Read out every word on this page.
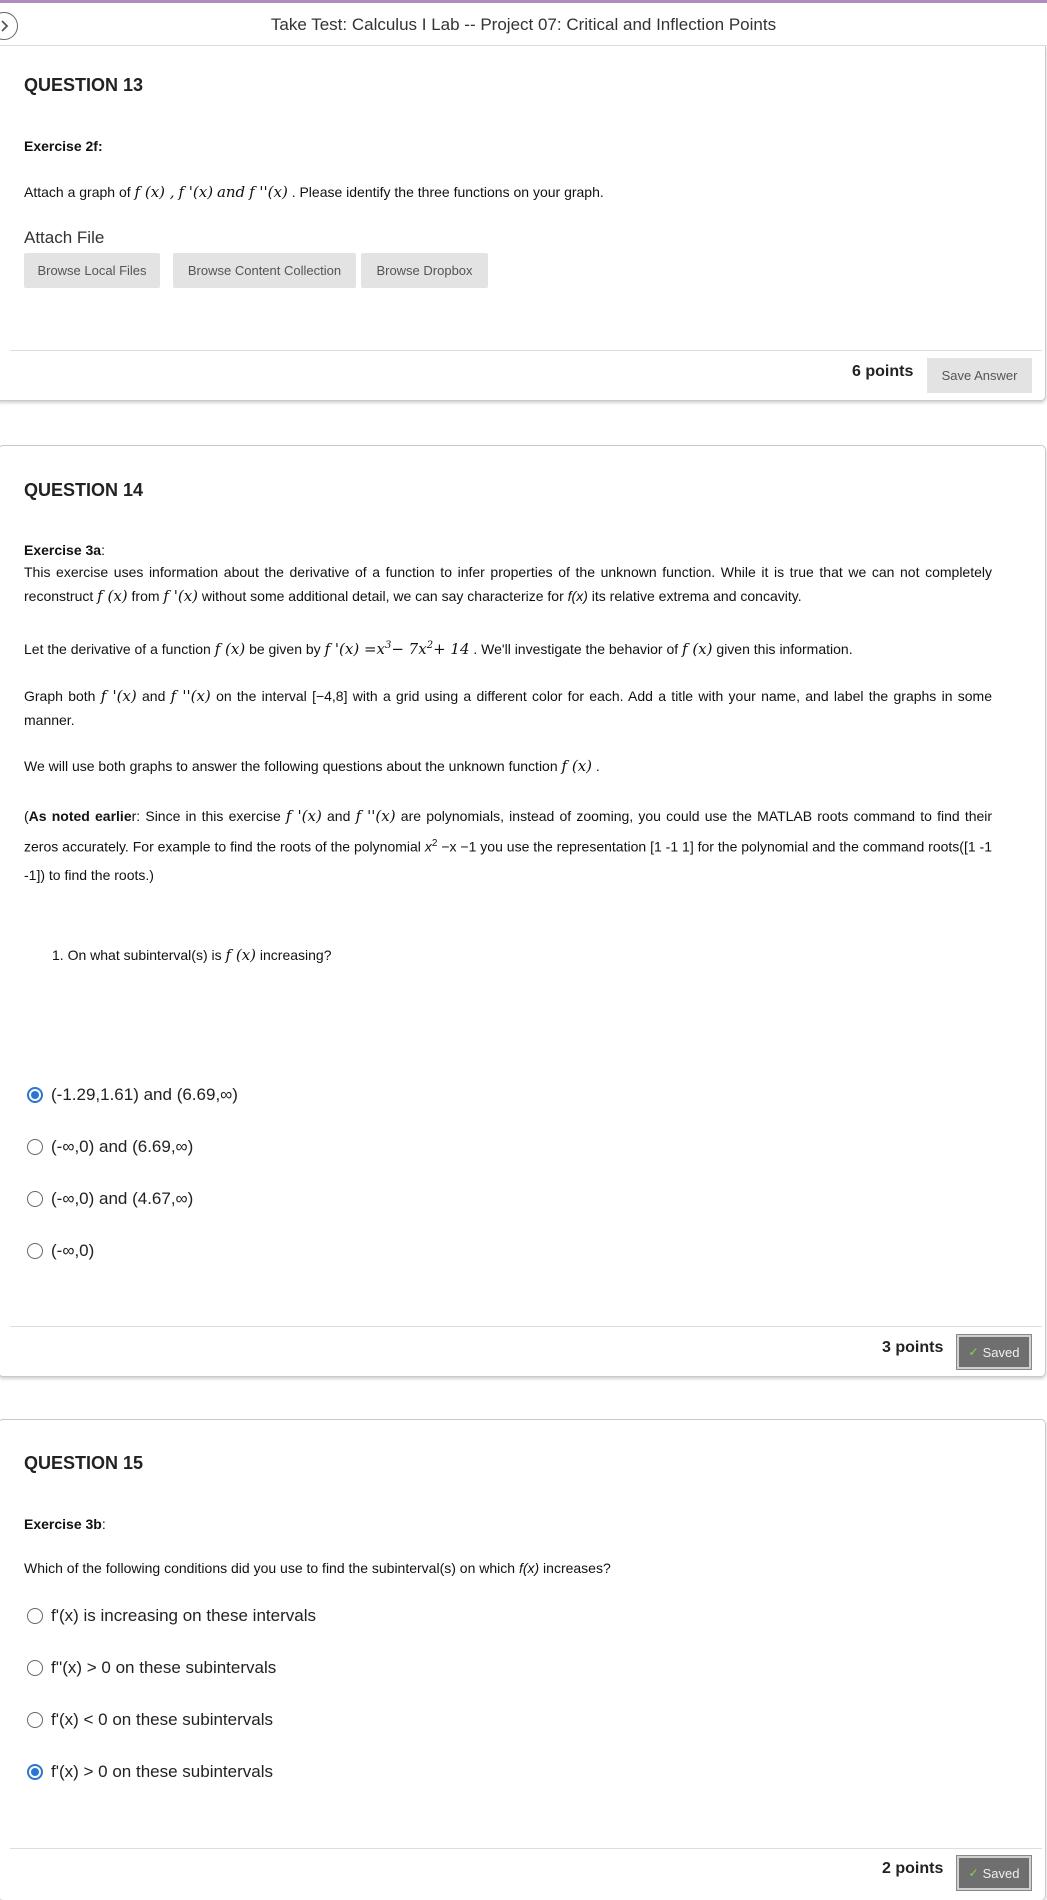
Take Test: Calculus I Lab -- Project 07: Critical and Inflection Points
QUESTION 13
Exercise 2f:
Attach a graph of f (x) , f '(x) and f ''(x) . Please identify the three functions on your graph.
Attach File
Browse Local Files	Browse Content Collection	Browse Dropbox
6 points	Save Answer
QUESTION 14
Exercise 3a:
This exercise uses information about the derivative of a function to infer properties of the unknown function. While it is true that we can not completely reconstruct f (x) from f '(x) without some additional detail, we can say characterize for f(x) its relative extrema and concavity.
Let the derivative of a function f (x) be given by f '$(x) =x^3- 7x^2+ 14$ . We'll investigate the behavior of f (x) given this information.
Graph both f '(x) and f ''(x) on the interval [−4,8] with a grid using a different color for each. Add a title with your name, and label the graphs in some manner.
We will use both graphs to answer the following questions about the unknown function f (x) .
(As noted earlier: Since in this exercise f '(x) and f ''(x) are polynomials, instead of zooming, you could use the MATLAB roots command to find their zeros accurately. For example to find the roots of the polynomial $x^2 -x -1$ you use the representation [1 -1 1] for the polynomial and the command roots([1 -1 -1]) to find the roots.)
1. On what subinterval(s) is f (x) increasing?
(-1.29,1.61) and (6.69,∞)
(-∞,0) and (6.69,∞)
(-∞,0) and (4.67,∞)
(-∞,0)
3 points ✓ Saved
QUESTION 15
Exercise 3b:
Which of the following conditions did you use to find the subinterval(s) on which f(x) increases?
f'(x) is increasing on these intervals
f''(x) > 0 on these subintervals
f'(x) < 0 on these subintervals
f'(x) > 0 on these subintervals
2 points ✓ Saved
